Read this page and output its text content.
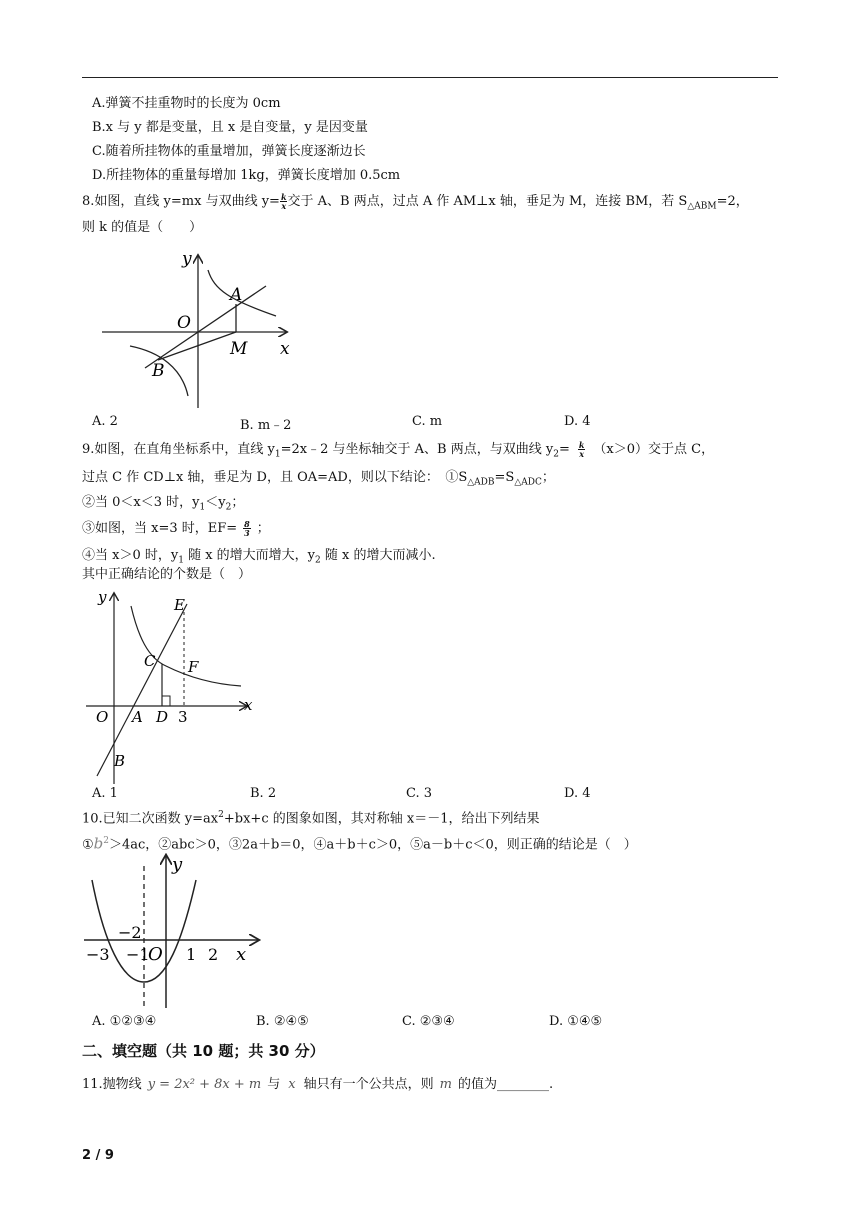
A.弹簧不挂重物时的长度为 0cm
B.x 与 y 都是变量，且 x 是自变量，y 是因变量
C.随着所挂物体的重量增加，弹簧长度逐渐边长
D.所挂物体的重量每增加 1kg，弹簧长度增加 0.5cm
8.如图，直线 y=mx 与双曲线 $y= \frac{k}{x}$ 交于 A、B 两点，过点 A 作 AM⊥x 轴，垂足为 M，连接 BM，若 $S_{\triangle ABM}=2$，
则 k 的值是（　　）
y
x
O
A
B
M
A. 2	B. m﹣2	C. m	D. 4
9.如图，在直角坐标系中，直线 $y_1=2x﹣2$ 与坐标轴交于 A、B 两点，与双曲线 $y_2= \frac{k}{x} (x>0)$交于点 C，
过点 C 作 CD⊥x 轴，垂足为 D，且 OA=AD，则以下结论：　$①S_{\triangle ADB}=S_{\triangle ADC}$；
②当 0＜x＜3 时，$y_1<y_2$；
③如图，当 x=3 时，$EF= \frac{8}{3}$ ；
④当 x＞0 时，$y_1$ 随 x 的增大而增大，$y_2$ 随 x 的增大而减小.
其中正确结论的个数是（　）
y
x
O A D 3
C
E
F
B
A. 1	B. 2	C. 3	D. 4
10.已知二次函数 $y=ax^2+bx+c$ 的图象如图，其对称轴 x＝－1，给出下列结果
$①b^2>4ac$，②abc＞0，③2a＋b＝0，④a＋b＋c＞0，⑤a－b＋c＜0，则正确的结论是（　）
y
x
O
−3
−2
−1 1 2
A. ①②③④	B. ②④⑤	C. ②③④	D. ①④⑤
二、填空题（共 10 题；共 30 分）
11.抛物线 y = 2x² + 8x + m 与 x 轴只有一个公共点，则 m 的值为________.
2 / 9
